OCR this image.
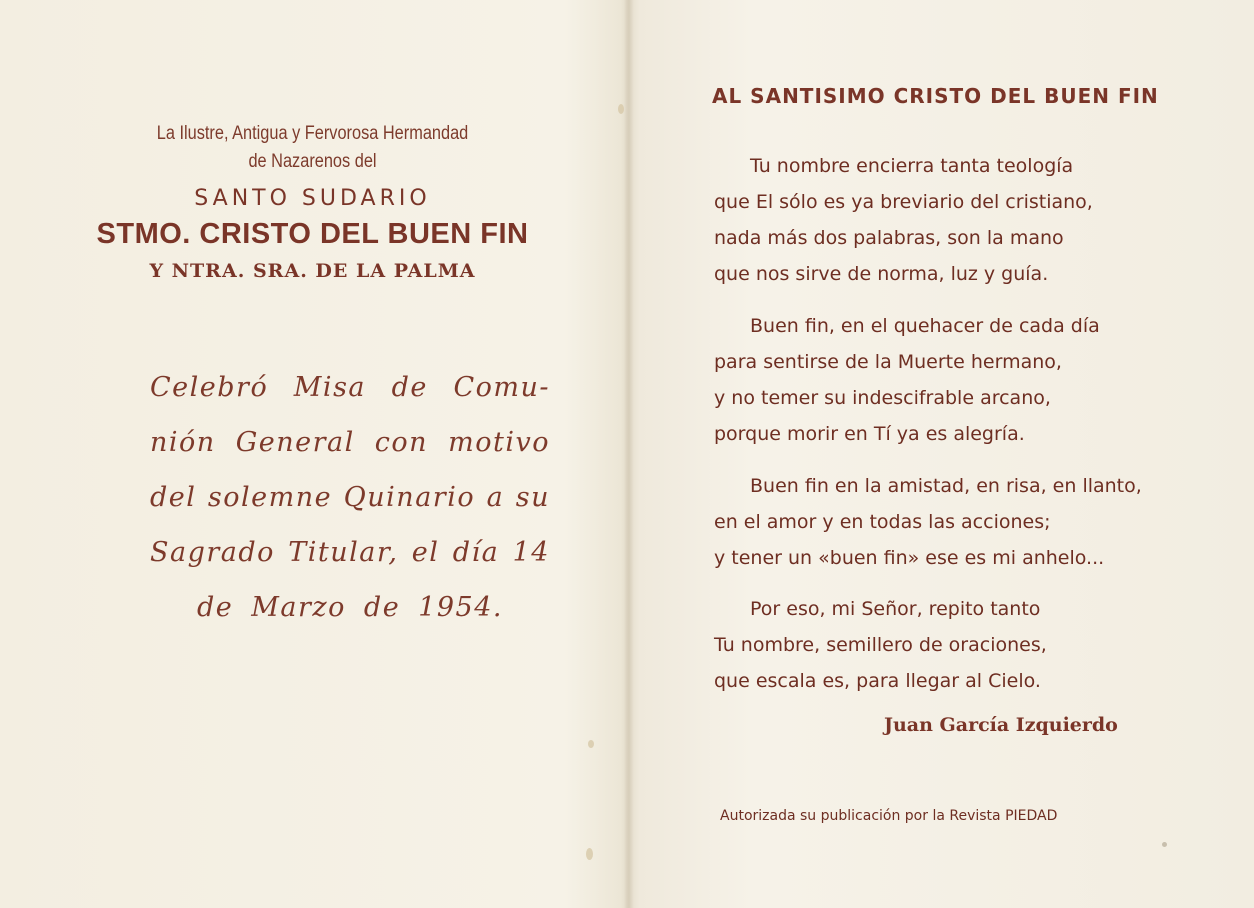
La Ilustre, Antigua y Fervorosa Hermandad
de Nazarenos del
SANTO SUDARIO
STMO. CRISTO DEL BUEN FIN
Y NTRA. SRA. DE LA PALMA
Celebró Misa de Comu-
nión General con motivo
del solemne Quinario a su
Sagrado Titular, el día 14
de Marzo de 1954.
AL SANTISIMO CRISTO DEL BUEN FIN
Tu nombre encierra tanta teología
que El sólo es ya breviario del cristiano,
nada más dos palabras, son la mano
que nos sirve de norma, luz y guía.
Buen fin, en el quehacer de cada día
para sentirse de la Muerte hermano,
y no temer su indescifrable arcano,
porque morir en Tí ya es alegría.
Buen fin en la amistad, en risa, en llanto,
en el amor y en todas las acciones;
y tener un «buen fin» ese es mi anhelo...
Por eso, mi Señor, repito tanto
Tu nombre, semillero de oraciones,
que escala es, para llegar al Cielo.
Juan García Izquierdo
Autorizada su publicación por la Revista PIEDAD
